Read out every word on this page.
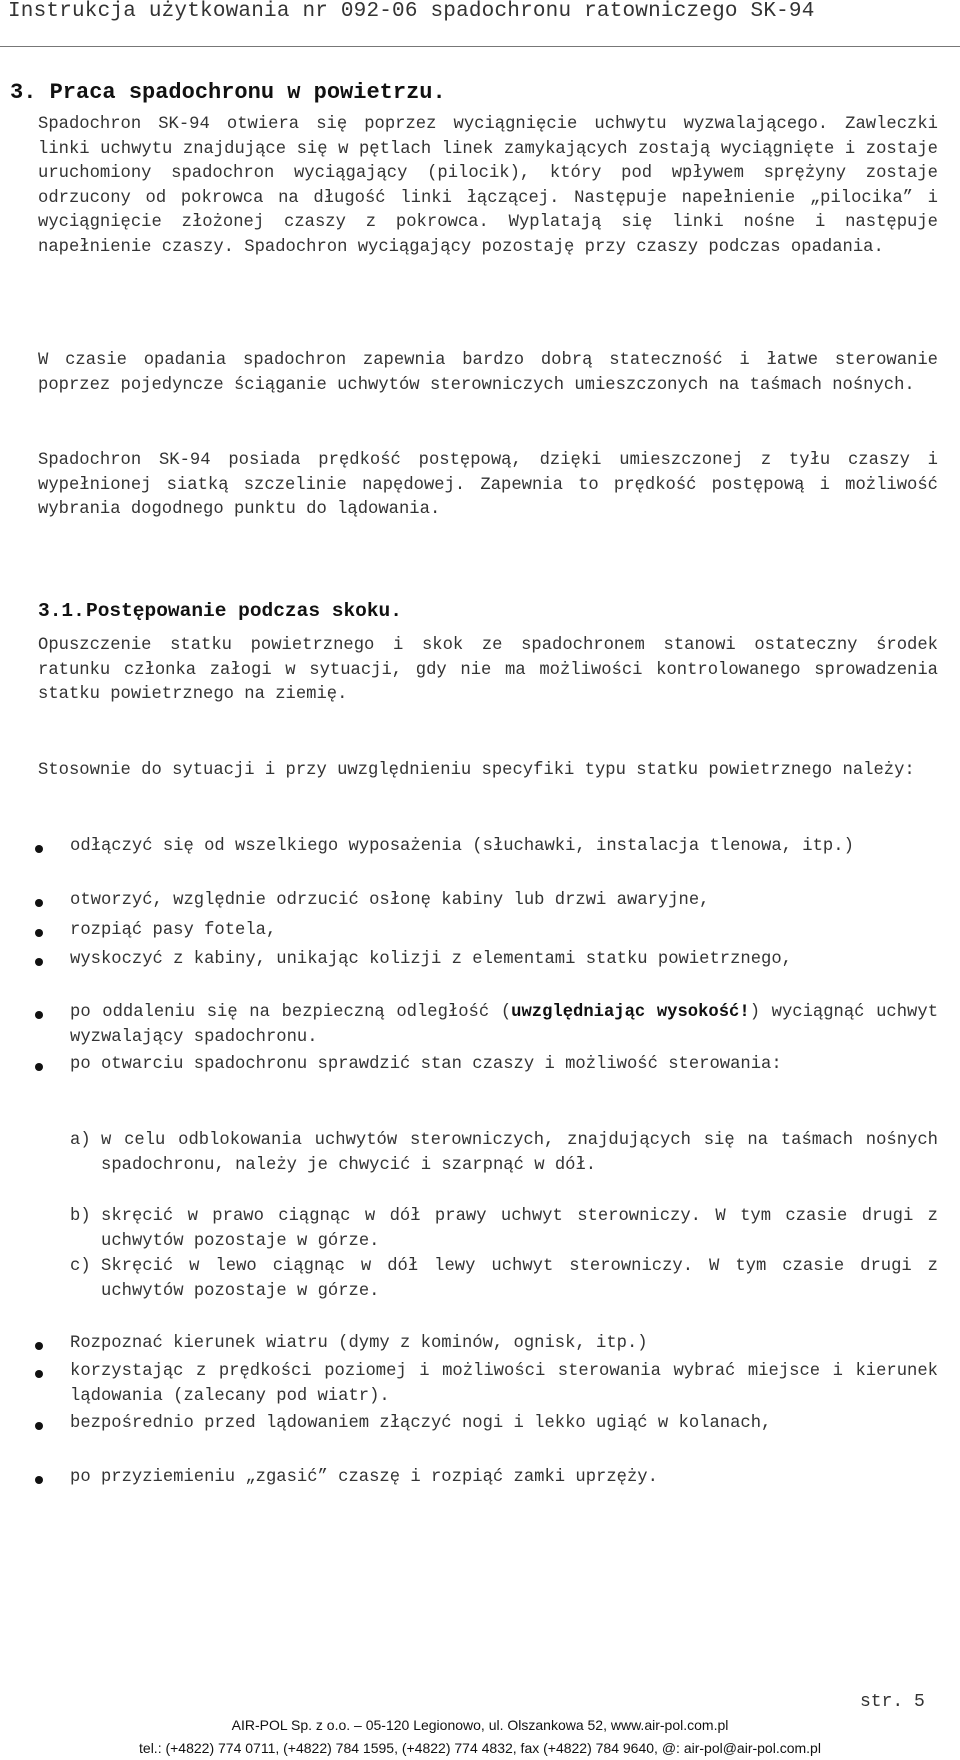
Instrukcja użytkowania nr 092-06 spadochronu ratowniczego SK-94
3. Praca spadochronu w powietrzu.
Spadochron SK-94 otwiera się poprzez wyciągnięcie uchwytu wyzwalającego. Zawleczki linki uchwytu znajdujące się w pętlach linek zamykających zostają wyciągnięte i zostaje uruchomiony spadochron wyciągający (pilocik), który pod wpływem sprężyny zostaje odrzucony od pokrowca na długość linki łączącej. Następuje napełnienie „pilocika” i wyciągnięcie złożonej czaszy z pokrowca. Wyplatają się linki nośne i następuje napełnienie czaszy. Spadochron wyciągający pozostaję przy czaszy podczas opadania.
W czasie opadania spadochron zapewnia bardzo dobrą stateczność i łatwe sterowanie poprzez pojedyncze ściąganie uchwytów sterowniczych umieszczonych na taśmach nośnych.
Spadochron SK-94 posiada prędkość postępową, dzięki umieszczonej z tyłu czaszy i wypełnionej siatką szczelinie napędowej. Zapewnia to prędkość postępową i możliwość wybrania dogodnego punktu do lądowania.
3.1.Postępowanie podczas skoku.
Opuszczenie statku powietrznego i skok ze spadochronem stanowi ostateczny środek ratunku członka załogi w sytuacji, gdy nie ma możliwości kontrolowanego sprowadzenia statku powietrznego na ziemię.
Stosownie do sytuacji i przy uwzględnieniu specyfiki typu statku powietrznego należy:
odłączyć się od wszelkiego wyposażenia (słuchawki, instalacja tlenowa, itp.)
otworzyć, względnie odrzucić osłonę kabiny lub drzwi awaryjne,
rozpiąć pasy fotela,
wyskoczyć z kabiny, unikając kolizji z elementami statku powietrznego,
po oddaleniu się na bezpieczną odległość (uwzględniając wysokość!) wyciągnąć uchwyt wyzwalający spadochronu.
po otwarciu spadochronu sprawdzić stan czaszy i możliwość sterowania:
a) w celu odblokowania uchwytów sterowniczych, znajdujących się na taśmach nośnych spadochronu, należy je chwycić i szarpnąć w dół.
b) skręcić w prawo ciągnąc w dół prawy uchwyt sterowniczy. W tym czasie drugi z uchwytów pozostaje w górze.
c) Skręcić w lewo ciągnąc w dół lewy uchwyt sterowniczy. W tym czasie drugi z uchwytów pozostaje w górze.
Rozpoznać kierunek wiatru (dymy z kominów, ognisk, itp.)
korzystając z prędkości poziomej i możliwości sterowania wybrać miejsce i kierunek lądowania (zalecany pod wiatr).
bezpośrednio przed lądowaniem złączyć nogi i lekko ugiąć w kolanach,
po przyziemieniu „zgasić” czaszę i rozpiąć zamki uprzęży.
str. 5
AIR-POL Sp. z o.o. – 05-120 Legionowo, ul. Olszankowa 52, www.air-pol.com.pl
tel.: (+4822) 774 0711, (+4822) 784 1595, (+4822) 774 4832, fax (+4822) 784 9640, @: air-pol@air-pol.com.pl
